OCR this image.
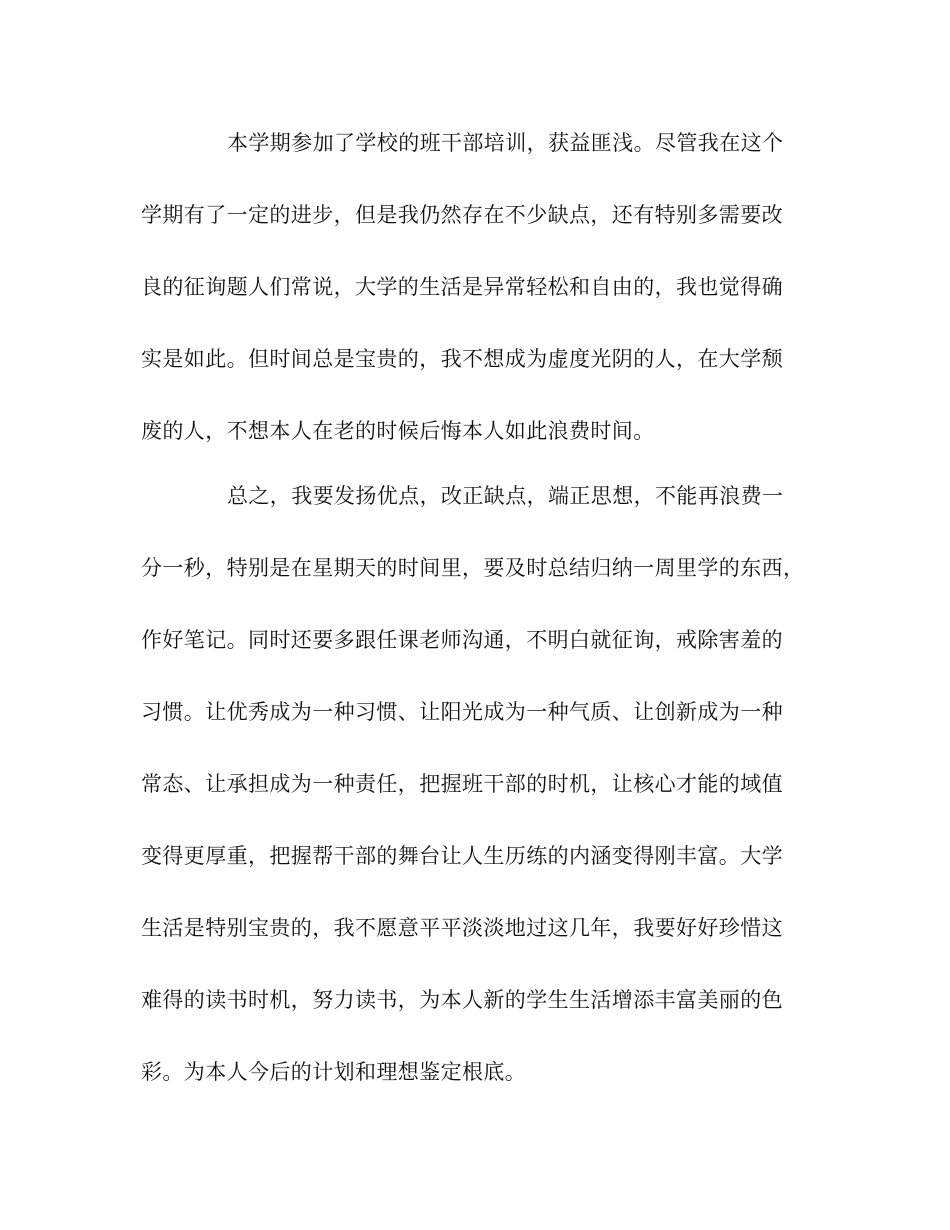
本学期参加了学校的班干部培训，获益匪浅。尽管我在这个
学期有了一定的进步，但是我仍然存在不少缺点，还有特别多需要改
良的征询题人们常说，大学的生活是异常轻松和自由的，我也觉得确
实是如此。但时间总是宝贵的，我不想成为虚度光阴的人，在大学颓
废的人，不想本人在老的时候后悔本人如此浪费时间。
总之，我要发扬优点，改正缺点，端正思想，不能再浪费一
分一秒，特别是在星期天的时间里，要及时总结归纳一周里学的东西，
作好笔记。同时还要多跟任课老师沟通，不明白就征询，戒除害羞的
习惯。让优秀成为一种习惯、让阳光成为一种气质、让创新成为一种
常态、让承担成为一种责任，把握班干部的时机，让核心才能的域值
变得更厚重，把握帮干部的舞台让人生历练的内涵变得刚丰富。大学
生活是特别宝贵的，我不愿意平平淡淡地过这几年，我要好好珍惜这
难得的读书时机，努力读书，为本人新的学生生活增添丰富美丽的色
彩。为本人今后的计划和理想鉴定根底。
